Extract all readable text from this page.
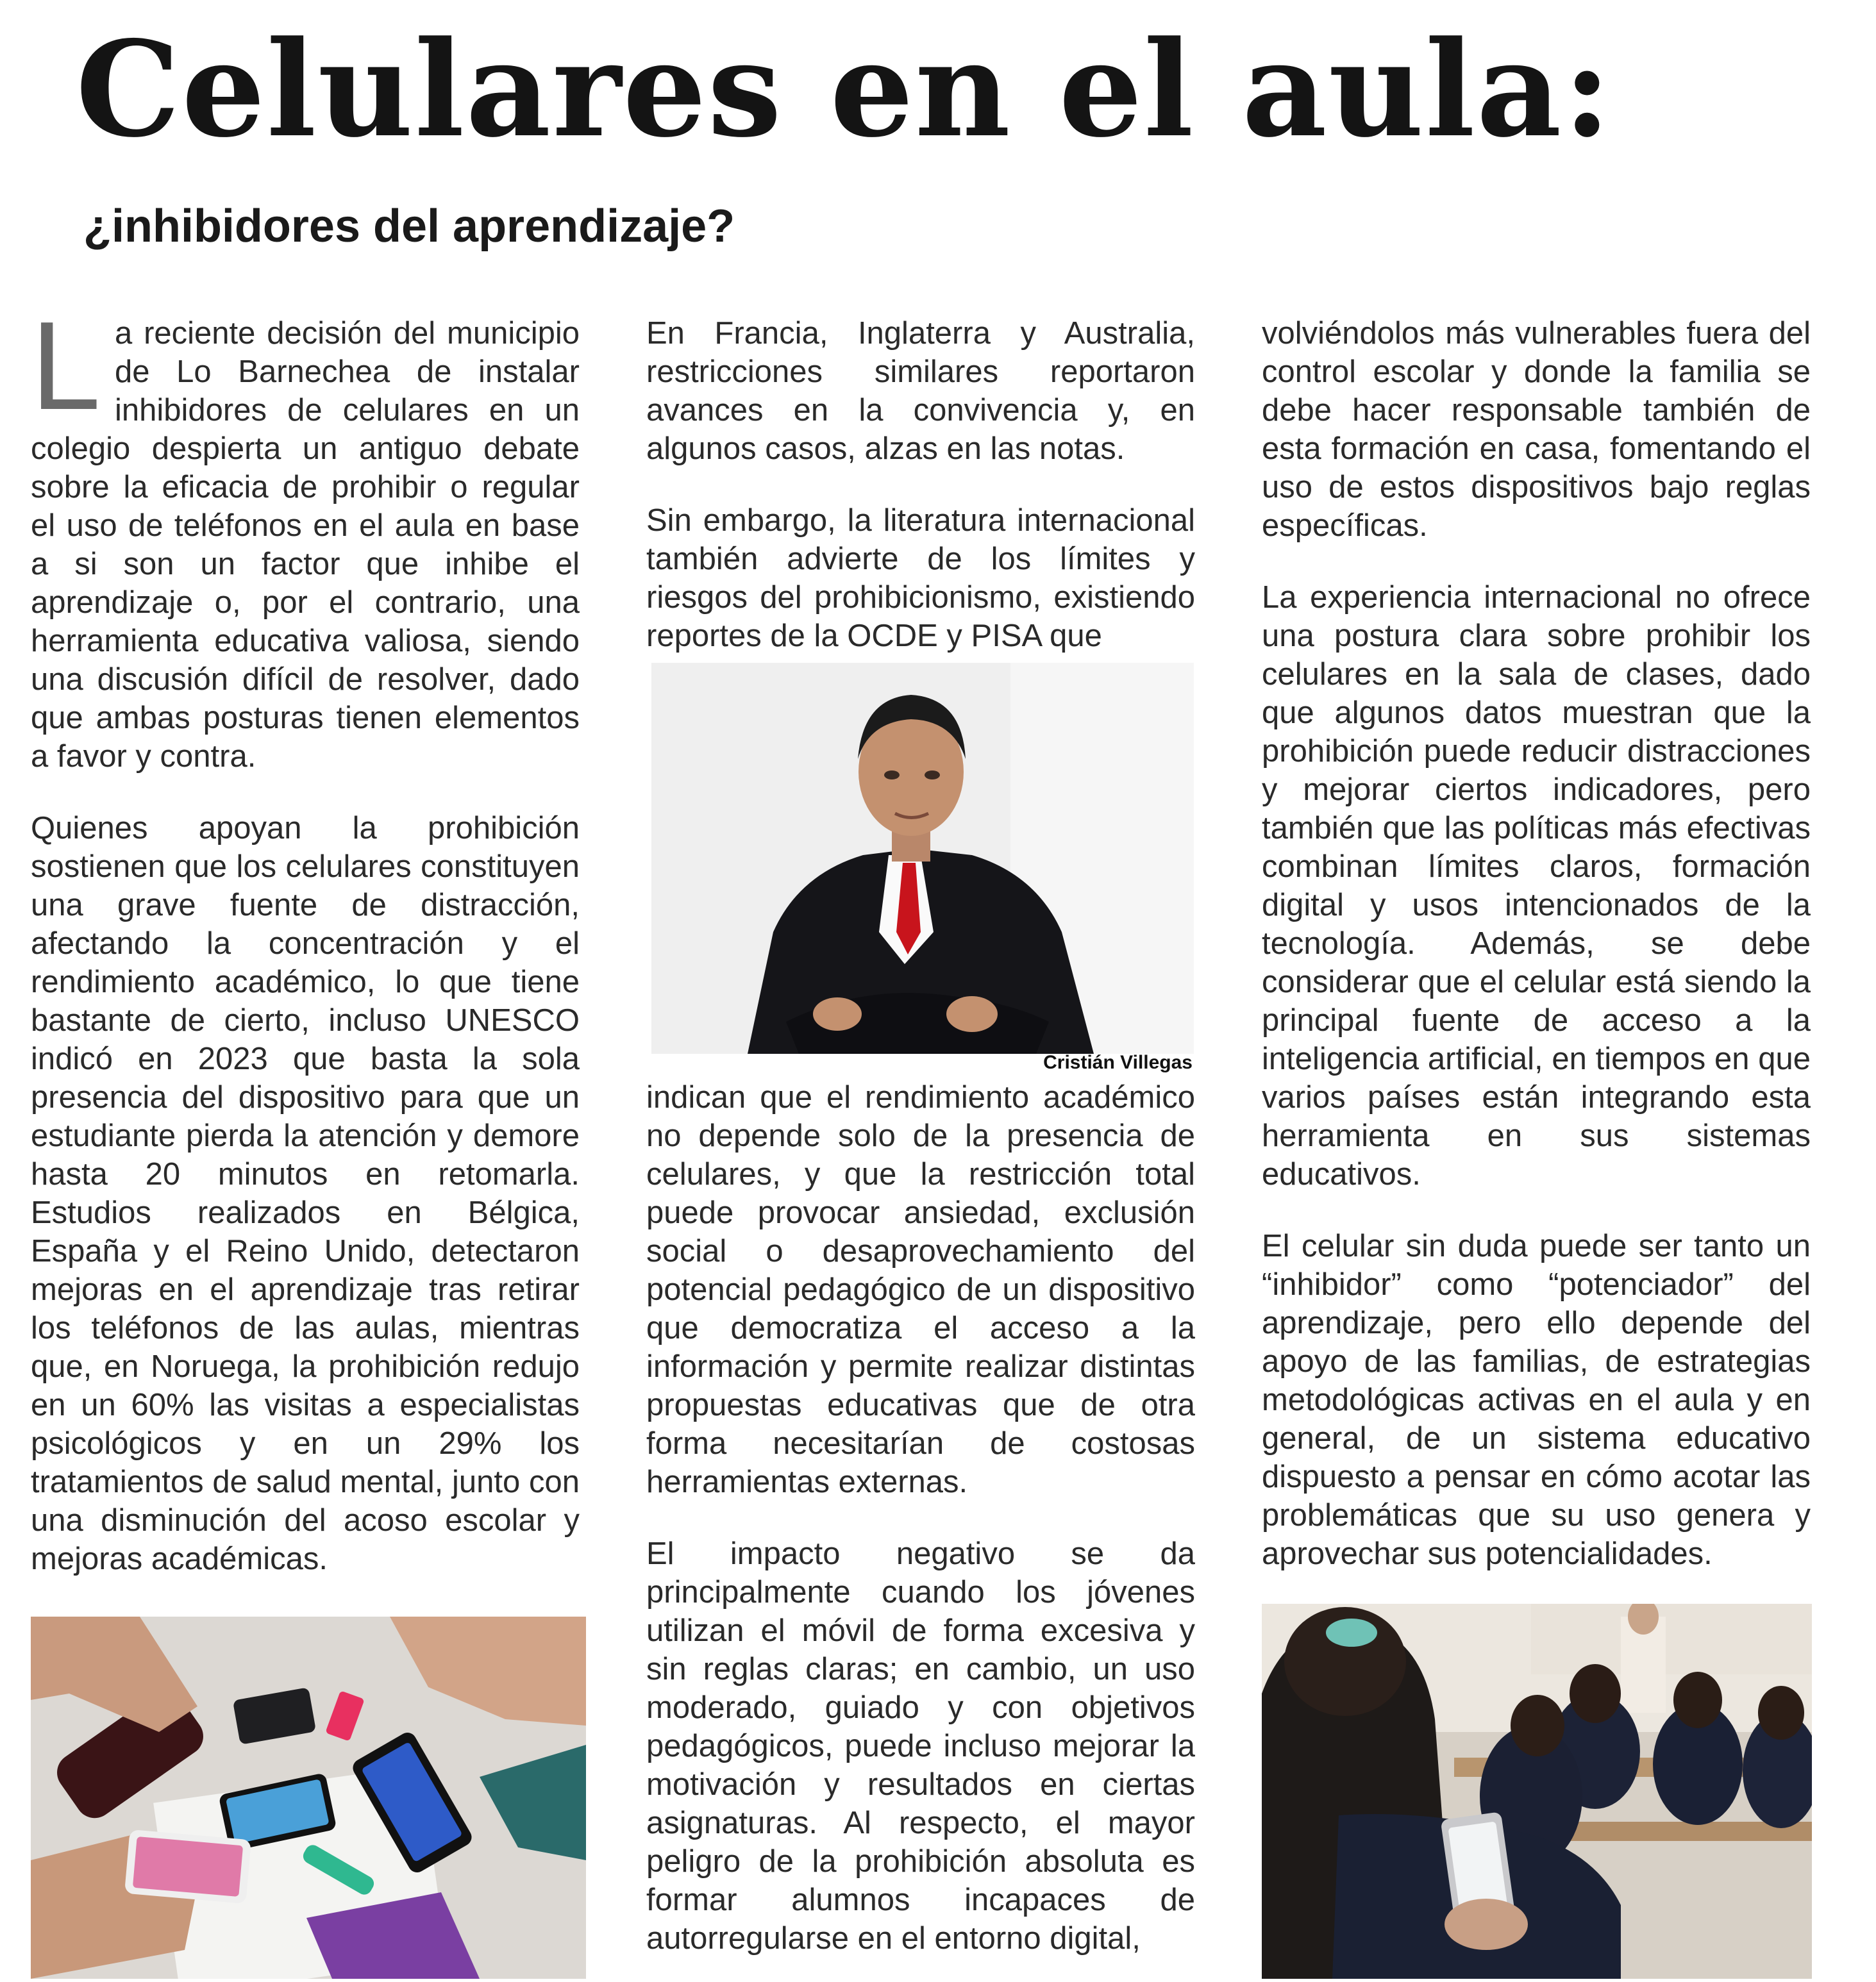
Celulares en el aula:
¿inhibidores del aprendizaje?

La reciente decisión del municipio de Lo Barnechea de instalar inhibidores de celulares en un colegio despierta un antiguo debate sobre la eficacia de prohibir o regular el uso de teléfonos en el aula en base a si son un factor que inhibe el aprendizaje o, por el contrario, una herramienta educativa valiosa, siendo una discusión difícil de resolver, dado que ambas posturas tienen elementos a favor y contra.

Quienes apoyan la prohibición sostienen que los celulares constituyen una grave fuente de distracción, afectando la concentración y el rendimiento académico, lo que tiene bastante de cierto, incluso UNESCO indicó en 2023 que basta la sola presencia del dispositivo para que un estudiante pierda la atención y demore hasta 20 minutos en retomarla. Estudios realizados en Bélgica, España y el Reino Unido, detectaron mejoras en el aprendizaje tras retirar los teléfonos de las aulas, mientras que, en Noruega, la prohibición redujo en un 60% las visitas a especialistas psicológicos y en un 29% los tratamientos de salud mental, junto con una disminución del acoso escolar y mejoras académicas.

En Francia, Inglaterra y Australia, restricciones similares reportaron avances en la convivencia y, en algunos casos, alzas en las notas.

Sin embargo, la literatura internacional también advierte de los límites y riesgos del prohibicionismo, existiendo reportes de la OCDE y PISA que

Cristián Villegas

indican que el rendimiento académico no depende solo de la presencia de celulares, y que la restricción total puede provocar ansiedad, exclusión social o desaprovechamiento del potencial pedagógico de un dispositivo que democratiza el acceso a la información y permite realizar distintas propuestas educativas que de otra forma necesitarían de costosas herramientas externas.

El impacto negativo se da principalmente cuando los jóvenes utilizan el móvil de forma excesiva y sin reglas claras; en cambio, un uso moderado, guiado y con objetivos pedagógicos, puede incluso mejorar la motivación y resultados en ciertas asignaturas. Al respecto, el mayor peligro de la prohibición absoluta es formar alumnos incapaces de autorregularse en el entorno digital,

volviéndolos más vulnerables fuera del control escolar y donde la familia se debe hacer responsable también de esta formación en casa, fomentando el uso de estos dispositivos bajo reglas específicas.

La experiencia internacional no ofrece una postura clara sobre prohibir los celulares en la sala de clases, dado que algunos datos muestran que la prohibición puede reducir distracciones y mejorar ciertos indicadores, pero también que las políticas más efectivas combinan límites claros, formación digital y usos intencionados de la tecnología. Además, se debe considerar que el celular está siendo la principal fuente de acceso a la inteligencia artificial, en tiempos en que varios países están integrando esta herramienta en sus sistemas educativos.

El celular sin duda puede ser tanto un “inhibidor” como “potenciador” del aprendizaje, pero ello depende del apoyo de las familias, de estrategias metodológicas activas en el aula y en general, de un sistema educativo dispuesto a pensar en cómo acotar las problemáticas que su uso genera y aprovechar sus potencialidades.
